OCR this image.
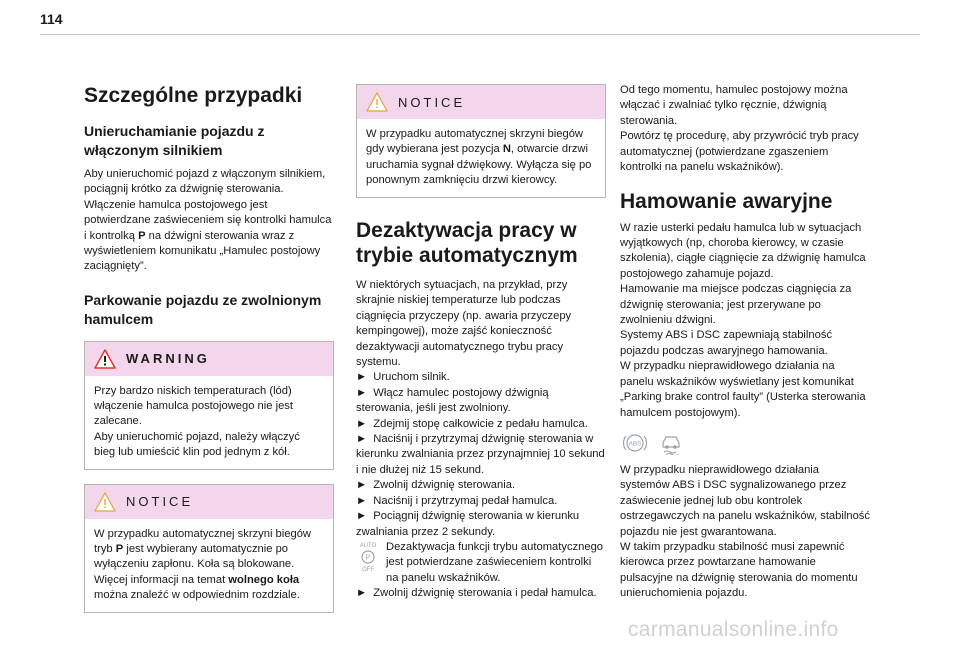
114
Szczególne przypadki
Unieruchamianie pojazdu z włączonym silnikiem

Aby unieruchomić pojazd z włączonym silnikiem, pociągnij krótko za dźwignię sterowania.

Włączenie hamulca postojowego jest potwierdzane zaświeceniem się kontrolki hamulca i kontrolką P na dźwigni sterowania wraz z wyświetleniem komunikatu „Hamulec postojowy zaciągnięty”.

Parkowanie pojazdu ze zwolnionym hamulcem
WARNING

Przy bardzo niskich temperaturach (lód) włączenie hamulca postojowego nie jest zalecane.

Aby unieruchomić pojazd, należy włączyć bieg lub umieścić klin pod jednym z kół.

NOTICE

W przypadku automatycznej skrzyni biegów tryb P jest wybierany automatycznie po wyłączeniu zapłonu. Koła są blokowane.

Więcej informacji na temat wolnego koła można znaleźć w odpowiednim rozdziale.

NOTICE

W przypadku automatycznej skrzyni biegów gdy wybierana jest pozycja N, otwarcie drzwi uruchamia sygnał dźwiękowy. Wyłącza się po ponownym zamknięciu drzwi kierowcy.

Dezaktywacja pracy w trybie automatycznym

W niektórych sytuacjach, na przykład, przy skrajnie niskiej temperaturze lub podczas ciągnięcia przyczepy (np. awaria przyczepy kempingowej), może zajść konieczność dezaktywacji automatycznego trybu pracy systemu.

► Uruchom silnik.
► Włącz hamulec postojowy dźwignią sterowania, jeśli jest zwolniony.
► Zdejmij stopę całkowicie z pedału hamulca.
► Naciśnij i przytrzymaj dźwignię sterowania w kierunku zwalniania przez przynajmniej 10 sekund i nie dłużej niż 15 sekund.
► Zwolnij dźwignię sterowania.
► Naciśnij i przytrzymaj pedał hamulca.
► Pociągnij dźwignię sterowania w kierunku zwalniania przez 2 sekundy.

AUTO
P
OFF
Dezaktywacja funkcji trybu automatycznego jest potwierdzane zaświeceniem kontrolki na panelu wskaźników.

► Zwolnij dźwignię sterowania i pedał hamulca.

Od tego momentu, hamulec postojowy można włączać i zwalniać tylko ręcznie, dźwignią sterowania.

Powtórz tę procedurę, aby przywrócić tryb pracy automatycznej (potwierdzane zgaszeniem kontrolki na panelu wskaźników).

Hamowanie awaryjne

W razie usterki pedału hamulca lub w sytuacjach wyjątkowych (np, choroba kierowcy, w czasie szkolenia), ciągłe ciągnięcie za dźwignię hamulca postojowego zahamuje pojazd.

Hamowanie ma miejsce podczas ciągnięcia za dźwignię sterowania; jest przerywane po zwolnieniu dźwigni.

Systemy ABS i DSC zapewniają stabilność pojazdu podczas awaryjnego hamowania.

W przypadku nieprawidłowego działania na panelu wskaźników wyświetlany jest komunikat „Parking brake control faulty” (Usterka sterowania hamulcem postojowym).

ABS

W przypadku nieprawidłowego działania systemów ABS i DSC sygnalizowanego przez zaświecenie jednej lub obu kontrolek ostrzegawczych na panelu wskaźników, stabilność pojazdu nie jest gwarantowana.

W takim przypadku stabilność musi zapewnić kierowca przez powtarzane hamowanie pulsacyjne na dźwignię sterowania do momentu unieruchomienia pojazdu.

carmanualsonline.info
